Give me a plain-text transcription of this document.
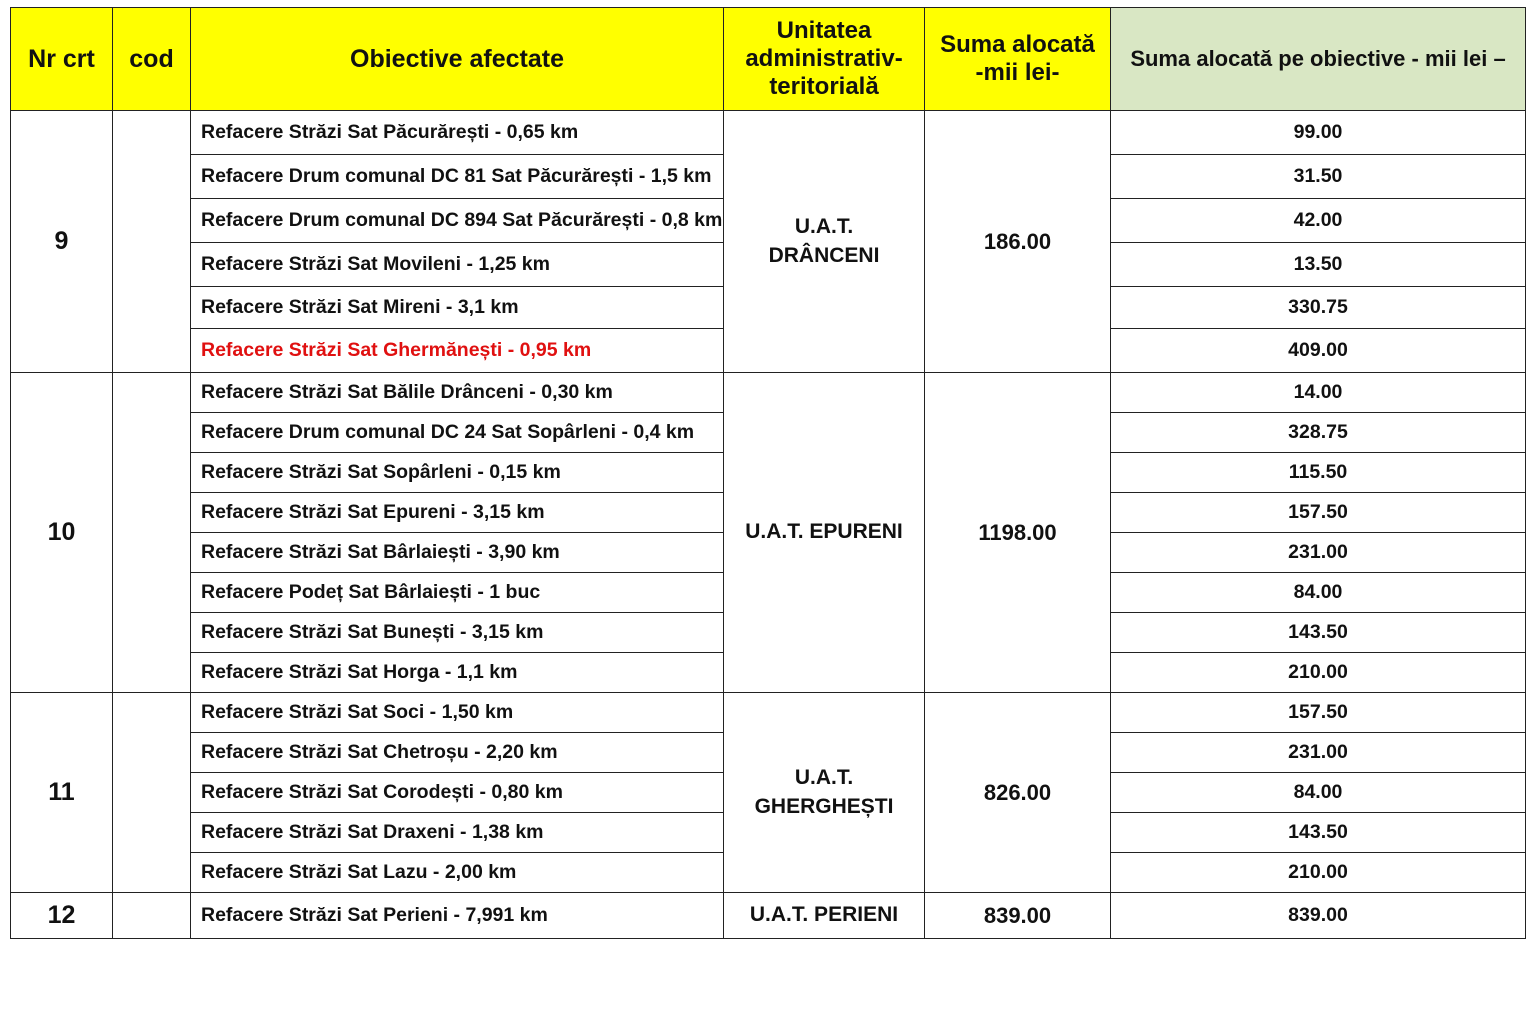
Nr crt	cod	Obiective afectate	Unitatea
administrativ-
teritorială	Suma alocată
-mii lei-	Suma alocată pe obiective - mii lei –
9		Refacere Străzi Sat Păcurărești - 0,65 km	U.A.T.
DRÂNCENI	186.00	99.00
		Refacere Drum comunal DC 81 Sat Păcurărești - 1,5 km			31.50
		Refacere Drum comunal DC 894 Sat Păcurărești - 0,8 km			42.00
		Refacere Străzi Sat Movileni - 1,25 km			13.50
		Refacere Străzi Sat Mireni - 3,1 km			330.75
		Refacere Străzi Sat Ghermănești - 0,95 km			409.00
10		Refacere Străzi Sat Bălile Drânceni - 0,30 km	U.A.T. EPURENI	1198.00	14.00
		Refacere Drum comunal DC 24 Sat Sopârleni - 0,4 km			328.75
		Refacere Străzi Sat Sopârleni - 0,15 km			115.50
		Refacere Străzi Sat Epureni - 3,15 km			157.50
		Refacere Străzi Sat Bârlaiești - 3,90 km			231.00
		Refacere Podeț Sat Bârlaiești - 1 buc			84.00
		Refacere Străzi Sat Bunești - 3,15 km			143.50
		Refacere Străzi Sat Horga - 1,1 km			210.00
11		Refacere Străzi Sat Soci - 1,50 km	U.A.T.
GHERGHEȘTI	826.00	157.50
		Refacere Străzi Sat Chetroșu - 2,20 km			231.00
		Refacere Străzi Sat Corodești - 0,80 km			84.00
		Refacere Străzi Sat Draxeni - 1,38 km			143.50
		Refacere Străzi Sat Lazu - 2,00 km			210.00
12		Refacere Străzi Sat Perieni - 7,991 km	U.A.T. PERIENI	839.00	839.00
